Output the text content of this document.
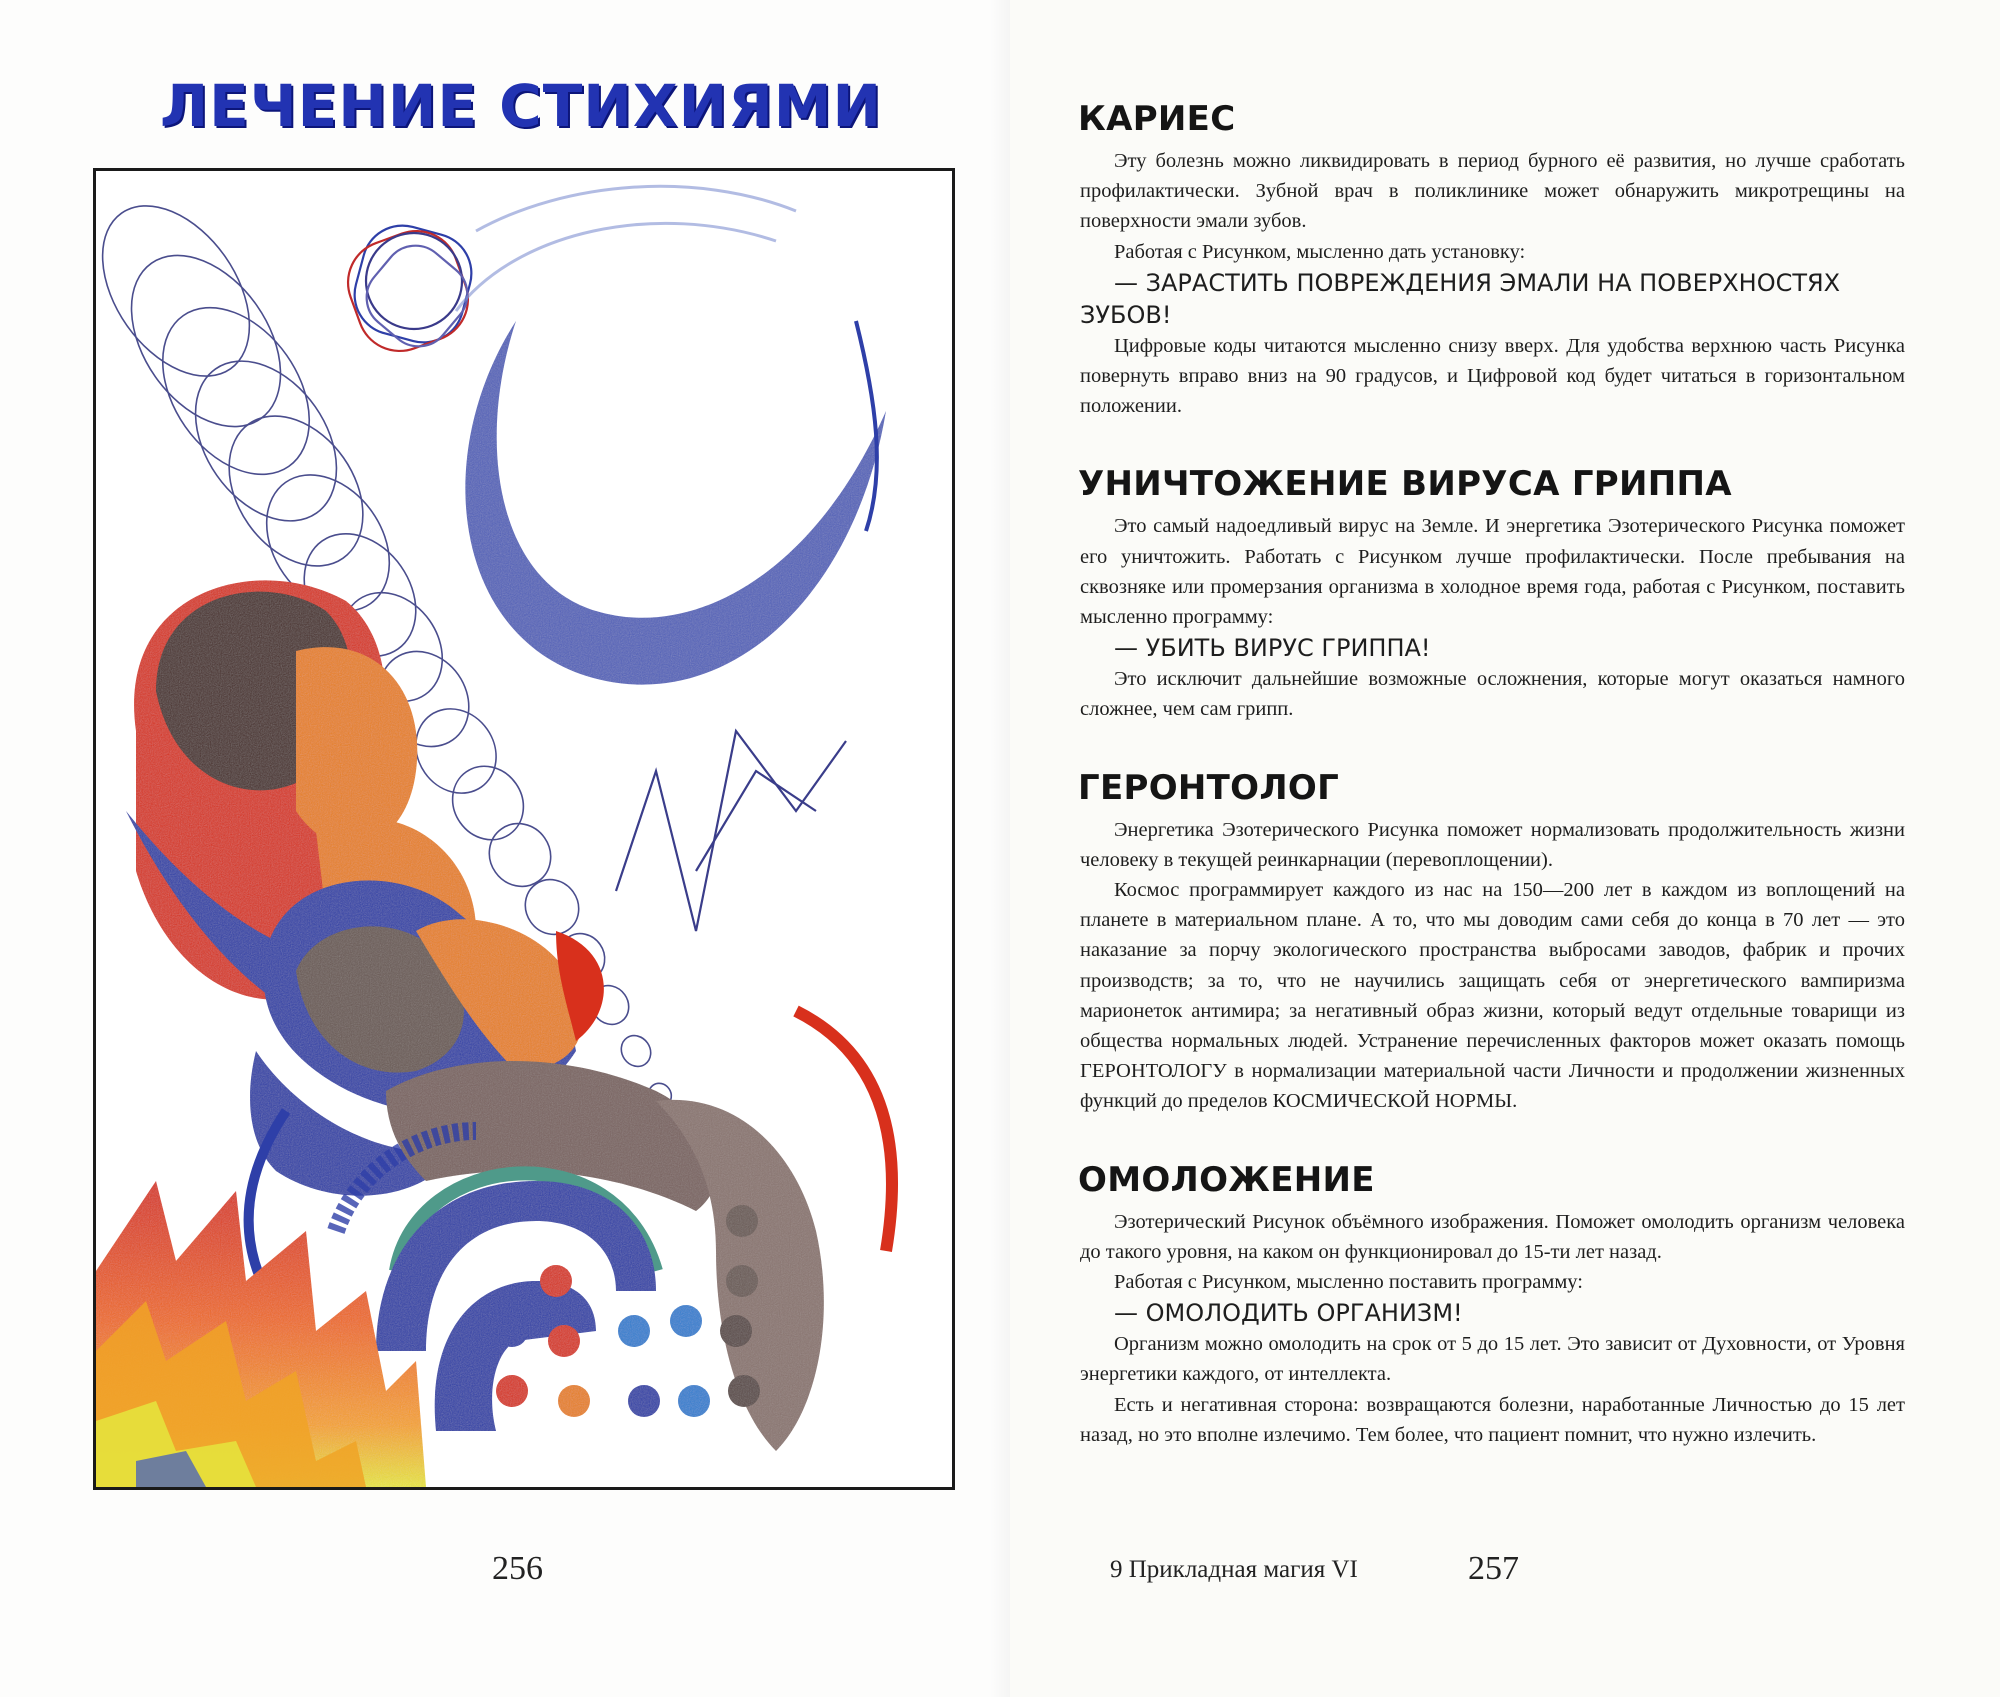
ЛЕЧЕНИЕ СТИХИЯМИ
256
КАРИЕС

Эту болезнь можно ликвидировать в период бурного её развития, но лучше сработать профилактически. Зубной врач в поликлинике может обнаружить микротрещины на поверхности эмали зубов.

Работая с Рисунком, мысленно дать установку:

— ЗАРАСТИТЬ ПОВРЕЖДЕНИЯ ЭМАЛИ НА ПОВЕРХНОСТЯХ ЗУБОВ!

Цифровые коды читаются мысленно снизу вверх. Для удобства верхнюю часть Рисунка повернуть вправо вниз на 90 градусов, и Цифровой код будет читаться в горизонтальном положении.

УНИЧТОЖЕНИЕ ВИРУСА ГРИППА

Это самый надоедливый вирус на Земле. И энергетика Эзотерического Рисунка поможет его уничтожить. Работать с Рисунком лучше профилактически. После пребывания на сквозняке или промерзания организма в холодное время года, работая с Рисунком, поставить мысленно программу:

— УБИТЬ ВИРУС ГРИППА!

Это исключит дальнейшие возможные осложнения, которые могут оказаться намного сложнее, чем сам грипп.

ГЕРОНТОЛОГ

Энергетика Эзотерического Рисунка поможет нормализовать продолжительность жизни человеку в текущей реинкарнации (перевоплощении).

Космос программирует каждого из нас на 150—200 лет в каждом из воплощений на планете в материальном плане. А то, что мы доводим сами себя до конца в 70 лет — это наказание за порчу экологического пространства выбросами заводов, фабрик и прочих производств; за то, что не научились защищать себя от энергетического вампиризма марионеток антимира; за негативный образ жизни, который ведут отдельные товарищи из общества нормальных людей. Устранение перечисленных факторов может оказать помощь ГЕРОНТОЛОГУ в нормализации материальной части Личности и продолжении жизненных функций до пределов КОСМИЧЕСКОЙ НОРМЫ.

ОМОЛОЖЕНИЕ

Эзотерический Рисунок объёмного изображения. Поможет омолодить организм человека до такого уровня, на каком он функционировал до 15-ти лет назад.

Работая с Рисунком, мысленно поставить программу:

— ОМОЛОДИТЬ ОРГАНИЗМ!

Организм можно омолодить на срок от 5 до 15 лет. Это зависит от Духовности, от Уровня энергетики каждого, от интеллекта.

Есть и негативная сторона: возвращаются болезни, наработанные Личностью до 15 лет назад, но это вполне излечимо. Тем более, что пациент помнит, что нужно излечить.

9 Прикладная магия VI	257
